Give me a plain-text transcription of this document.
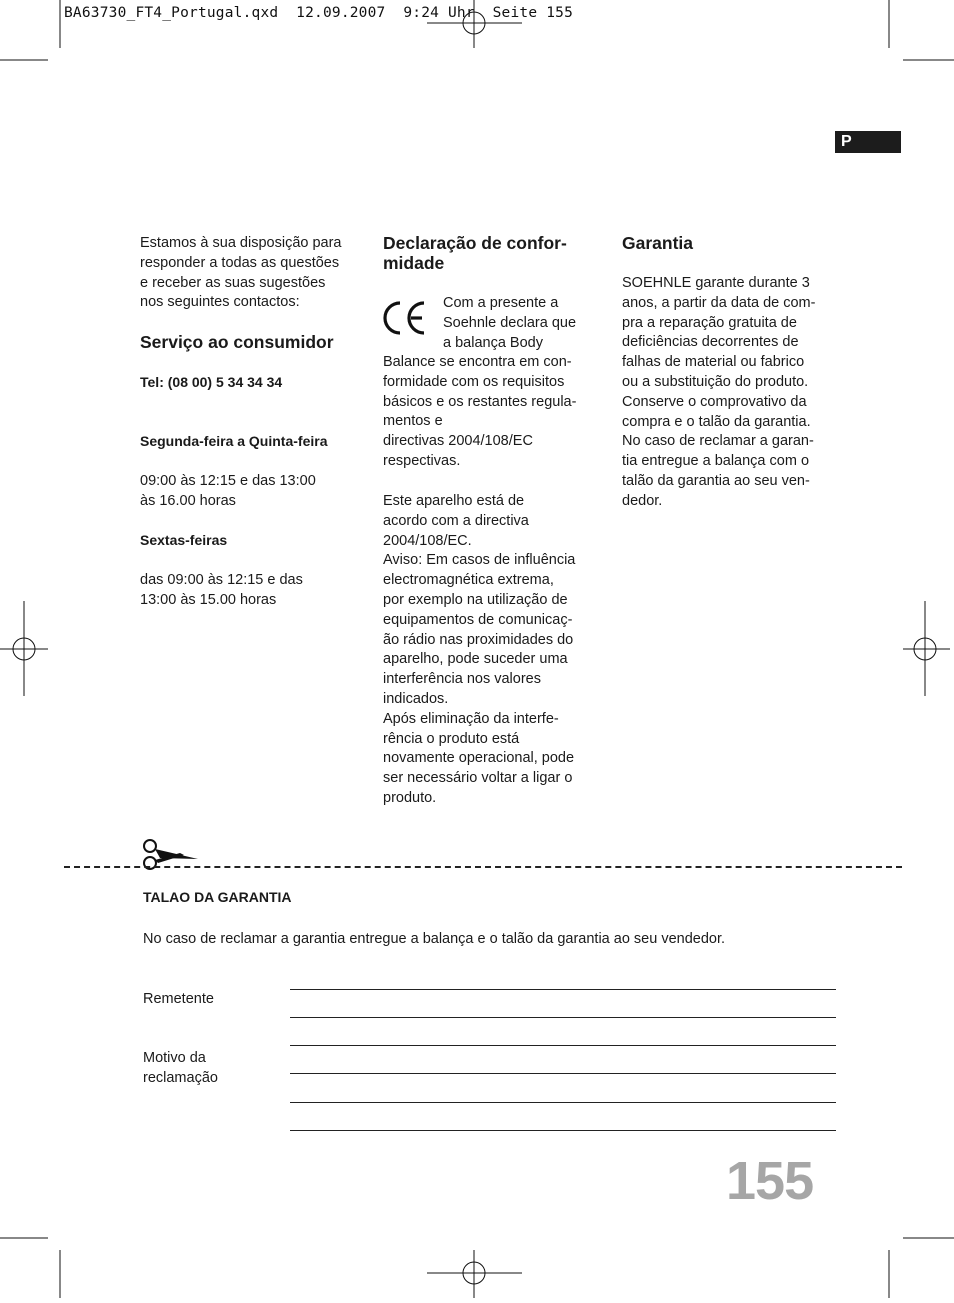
BA63730_FT4_Portugal.qxd  12.09.2007  9:24 Uhr  Seite 155
P
Estamos à sua disposição para
responder a todas as questões
e receber as suas sugestões
nos seguintes contactos:
Serviço ao consumidor
Tel: (08 00) 5 34 34 34
Segunda-feira a Quinta-feira
09:00 às 12:15 e das 13:00
às 16.00 horas
Sextas-feiras
das 09:00 às 12:15 e das
13:00 às 15.00 horas
Declaração de confor-
midade
Com a presente a
Soehnle declara que
a balança Body
Balance se encontra em con-
formidade com os requisitos
básicos e os restantes regula-
mentos e
directivas 2004/108/EC
respectivas.
Este aparelho está de
acordo com a directiva
2004/108/EC.
Aviso: Em casos de influência
electromagnética extrema,
por exemplo na utilização de
equipamentos de comunicaç-
ão rádio nas proximidades do
aparelho, pode suceder uma
interferência nos valores
indicados.
Após eliminação da interfe-
rência o produto está
novamente operacional, pode
ser necessário voltar a ligar o
produto.
Garantia
SOEHNLE garante durante 3
anos, a partir da data de com-
pra a reparação gratuita de
deficiências decorrentes de
falhas de material ou fabrico
ou a substituição do produto.
Conserve o comprovativo da
compra e o talão da garantia.
No caso de reclamar a garan-
tia entregue a balança com o
talão da garantia ao seu ven-
dedor.
TALAO DA GARANTIA
No caso de reclamar a garantia entregue a balança e o talão da garantia ao seu vendedor.
Remetente
Motivo da
reclamação
155
